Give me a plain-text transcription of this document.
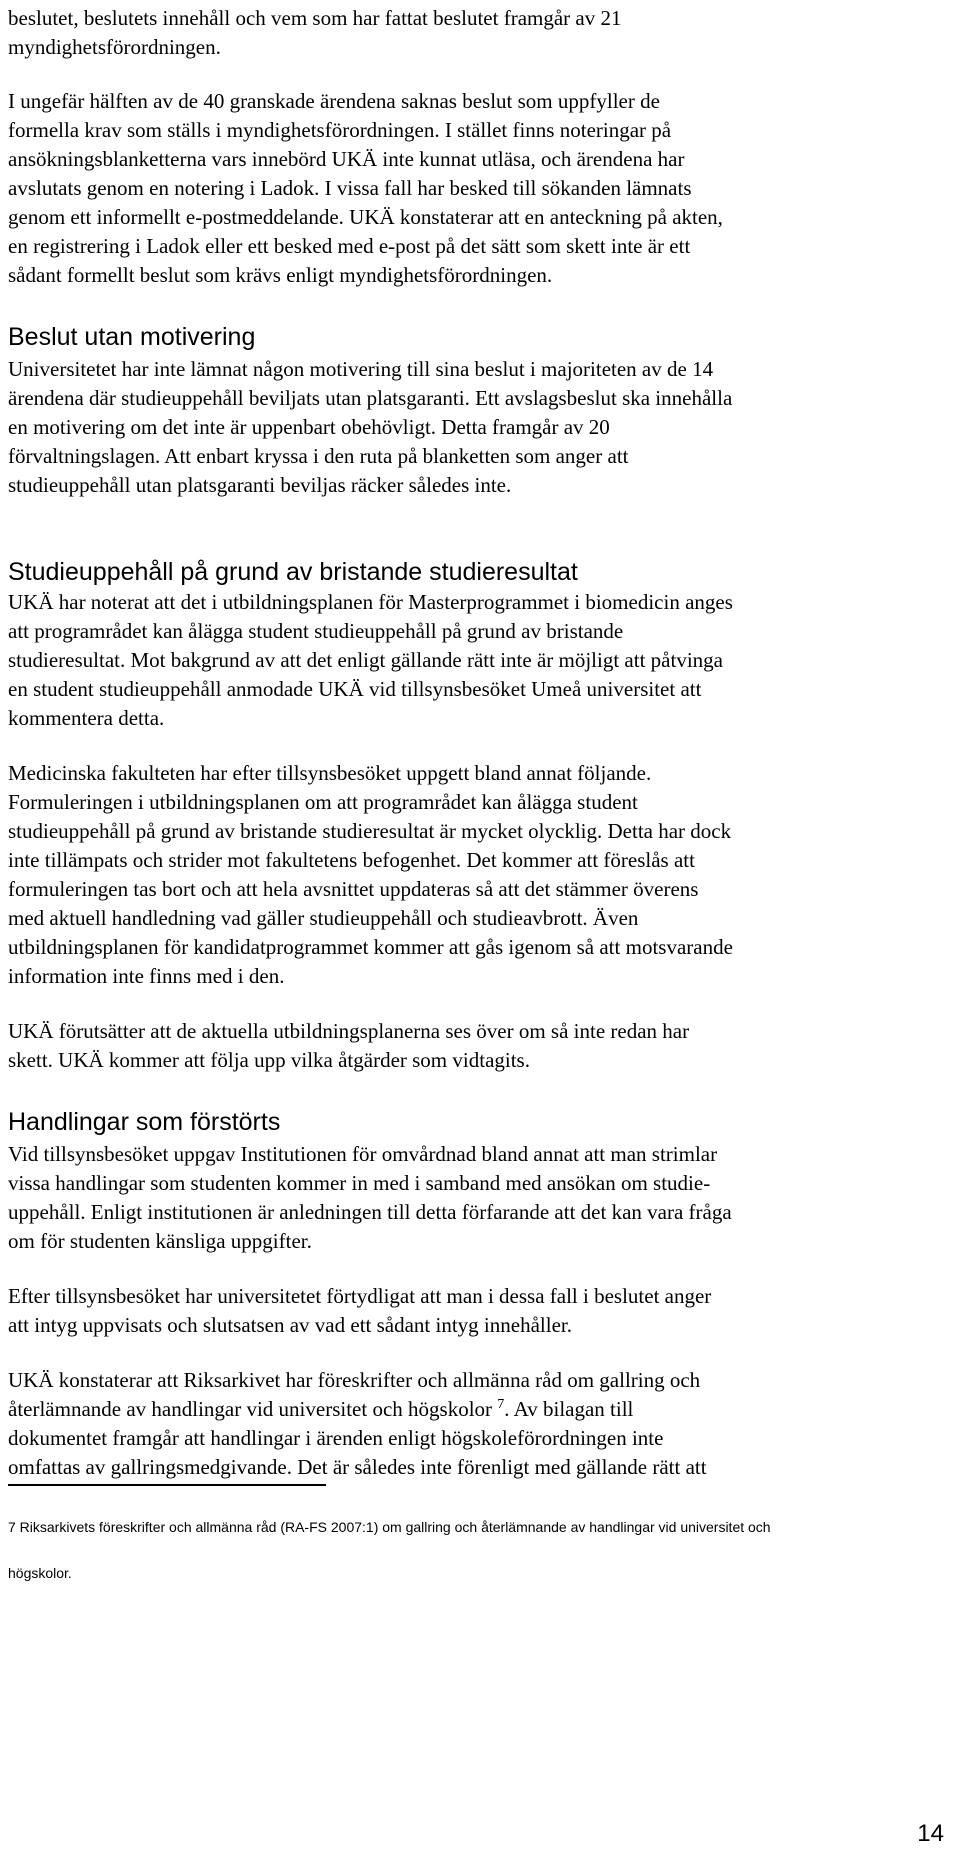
beslutet, beslutets innehåll och vem som har fattat beslutet framgår av 21
myndighetsförordningen.

I ungefär hälften av de 40 granskade ärendena saknas beslut som uppfyller de
formella krav som ställs i myndighetsförordningen. I stället finns noteringar på
ansökningsblanketterna vars innebörd UKÄ inte kunnat utläsa, och ärendena har
avslutats genom en notering i Ladok. I vissa fall har besked till sökanden lämnats
genom ett informellt e-postmeddelande. UKÄ konstaterar att en anteckning på akten,
en registrering i Ladok eller ett besked med e-post på det sätt som skett inte är ett
sådant formellt beslut som krävs enligt myndighetsförordningen.

Beslut utan motivering

Universitetet har inte lämnat någon motivering till sina beslut i majoriteten av de 14
ärendena där studieuppehåll beviljats utan platsgaranti. Ett avslagsbeslut ska innehålla
en motivering om det inte är uppenbart obehövligt. Detta framgår av 20
förvaltningslagen. Att enbart kryssa i den ruta på blanketten som anger att
studieuppehåll utan platsgaranti beviljas räcker således inte.

Studieuppehåll på grund av bristande studieresultat

UKÄ har noterat att det i utbildningsplanen för Masterprogrammet i biomedicin anges
att programrådet kan ålägga student studieuppehåll på grund av bristande
studieresultat. Mot bakgrund av att det enligt gällande rätt inte är möjligt att påtvinga
en student studieuppehåll anmodade UKÄ vid tillsynsbesöket Umeå universitet att
kommentera detta.

Medicinska fakulteten har efter tillsynsbesöket uppgett bland annat följande.
Formuleringen i utbildningsplanen om att programrådet kan ålägga student
studieuppehåll på grund av bristande studieresultat är mycket olycklig. Detta har dock
inte tillämpats och strider mot fakultetens befogenhet. Det kommer att föreslås att
formuleringen tas bort och att hela avsnittet uppdateras så att det stämmer överens
med aktuell handledning vad gäller studieuppehåll och studieavbrott. Även
utbildningsplanen för kandidatprogrammet kommer att gås igenom så att motsvarande
information inte finns med i den.

UKÄ förutsätter att de aktuella utbildningsplanerna ses över om så inte redan har
skett. UKÄ kommer att följa upp vilka åtgärder som vidtagits.

Handlingar som förstörts

Vid tillsynsbesöket uppgav Institutionen för omvårdnad bland annat att man strimlar
vissa handlingar som studenten kommer in med i samband med ansökan om studie-
uppehåll. Enligt institutionen är anledningen till detta förfarande att det kan vara fråga
om för studenten känsliga uppgifter.

Efter tillsynsbesöket har universitetet förtydligat att man i dessa fall i beslutet anger
att intyg uppvisats och slutsatsen av vad ett sådant intyg innehåller.

UKÄ konstaterar att Riksarkivet har föreskrifter och allmänna råd om gallring och
återlämnande av handlingar vid universitet och högskolor $^7$. Av bilagan till
dokumentet framgår att handlingar i ärenden enligt högskoleförordningen inte
omfattas av gallringsmedgivande. Det är således inte förenligt med gällande rätt att

7 Riksarkivets föreskrifter och allmänna råd (RA-FS 2007:1) om gallring och återlämnande av handlingar vid universitet och
högskolor.
14
